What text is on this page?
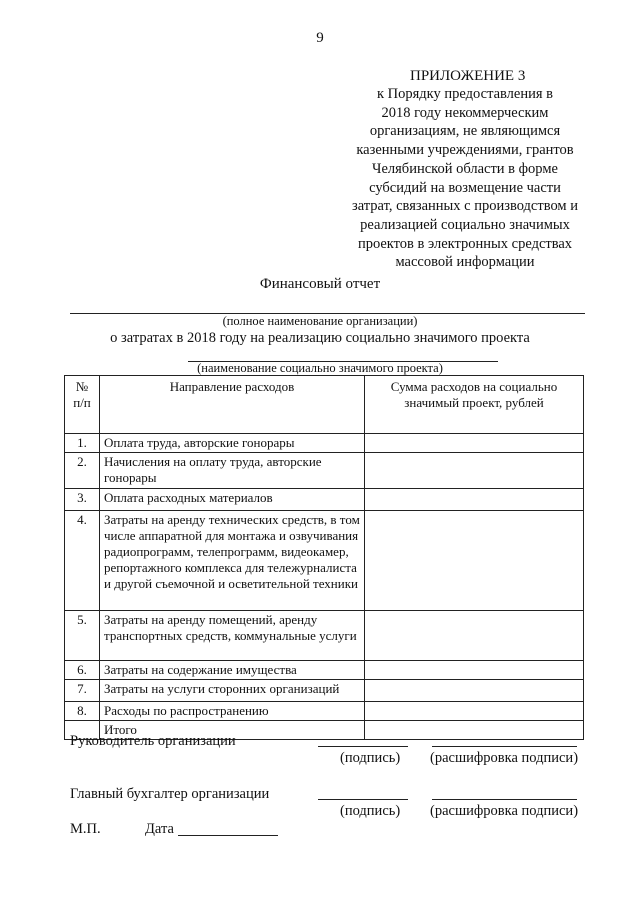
9
ПРИЛОЖЕНИЕ 3
к Порядку предоставления в
2018 году некоммерческим
организациям, не являющимся
казенными учреждениями, грантов
Челябинской области в форме
субсидий на возмещение части
затрат, связанных с производством и
реализацией социально значимых
проектов в электронных средствах
массовой информации
Финансовый отчет
(полное наименование организации)
о затратах в 2018 году на реализацию социально значимого проекта
(наименование социально значимого проекта)
№ п/п	Направление расходов	Сумма расходов на социально значимый проект, рублей
1.	Оплата труда, авторские гонорары	
2.	Начисления на оплату труда, авторские гонорары	
3.	Оплата расходных материалов	
4.	Затраты на аренду технических средств, в том числе аппаратной для монтажа и озвучивания радиопрограмм, телепрограмм, видеокамер, репортажного комплекса для тележурналиста и другой съемочной и осветительной техники	
5.	Затраты на аренду помещений, аренду транспортных средств, коммунальные услуги	
6.	Затраты на содержание имущества	
7.	Затраты на услуги сторонних организаций	
8.	Расходы по распространению	
	Итого	
Руководитель организации
(подпись) (расшифровка подписи)
Главный бухгалтер организации
(подпись) (расшифровка подписи)
М.П.	Дата
